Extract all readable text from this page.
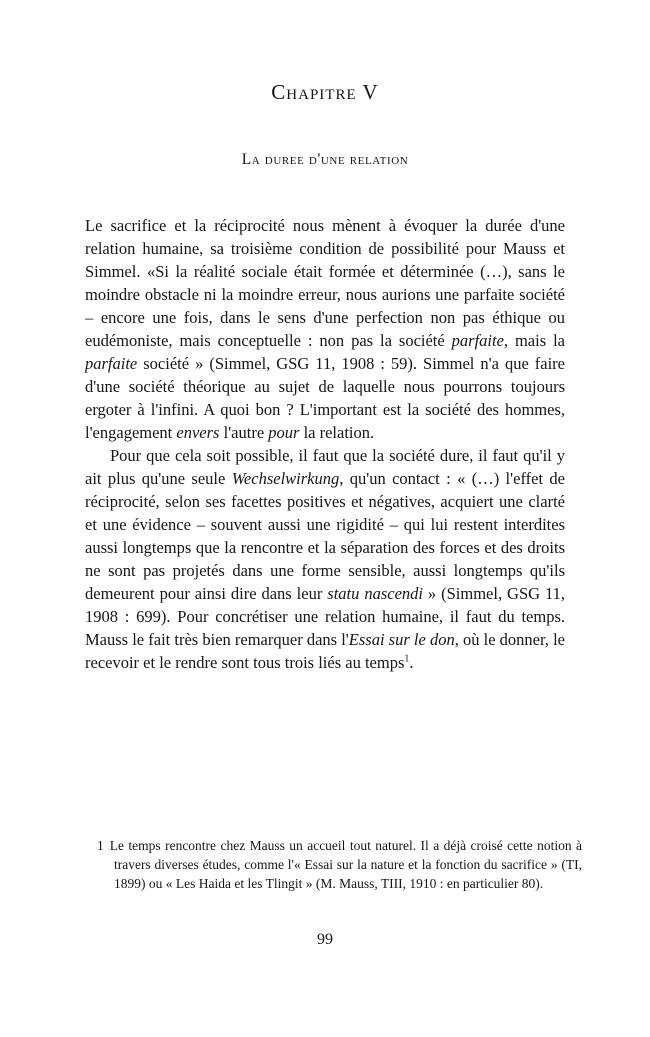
Chapitre V
La duree d'une relation

Le sacrifice et la réciprocité nous mènent à évoquer la durée d'une relation humaine, sa troisième condition de possibilité pour Mauss et Simmel. «Si la réalité sociale était formée et déterminée (…), sans le moindre obstacle ni la moindre erreur, nous aurions une parfaite société – encore une fois, dans le sens d'une perfection non pas éthique ou eudémoniste, mais conceptuelle : non pas la société parfaite, mais la parfaite société » (Simmel, GSG 11, 1908 : 59). Simmel n'a que faire d'une société théorique au sujet de laquelle nous pourrons toujours ergoter à l'infini. A quoi bon ? L'important est la société des hommes, l'engagement envers l'autre pour la relation.

Pour que cela soit possible, il faut que la société dure, il faut qu'il y ait plus qu'une seule Wechselwirkung, qu'un contact : « (…) l'effet de réciprocité, selon ses facettes positives et négatives, acquiert une clarté et une évidence – souvent aussi une rigidité – qui lui restent interdites aussi longtemps que la rencontre et la séparation des forces et des droits ne sont pas projetés dans une forme sensible, aussi longtemps qu'ils demeurent pour ainsi dire dans leur statu nascendi » (Simmel, GSG 11, 1908 : 699). Pour concrétiser une relation humaine, il faut du temps. Mauss le fait très bien remarquer dans l'Essai sur le don, où le donner, le recevoir et le rendre sont tous trois liés au temps$^1$.

1 Le temps rencontre chez Mauss un accueil tout naturel. Il a déjà croisé cette notion à travers diverses études, comme l'« Essai sur la nature et la fonction du sacrifice » (TI, 1899) ou « Les Haida et les Tlingit » (M. Mauss, TIII, 1910 : en particulier 80).
99
